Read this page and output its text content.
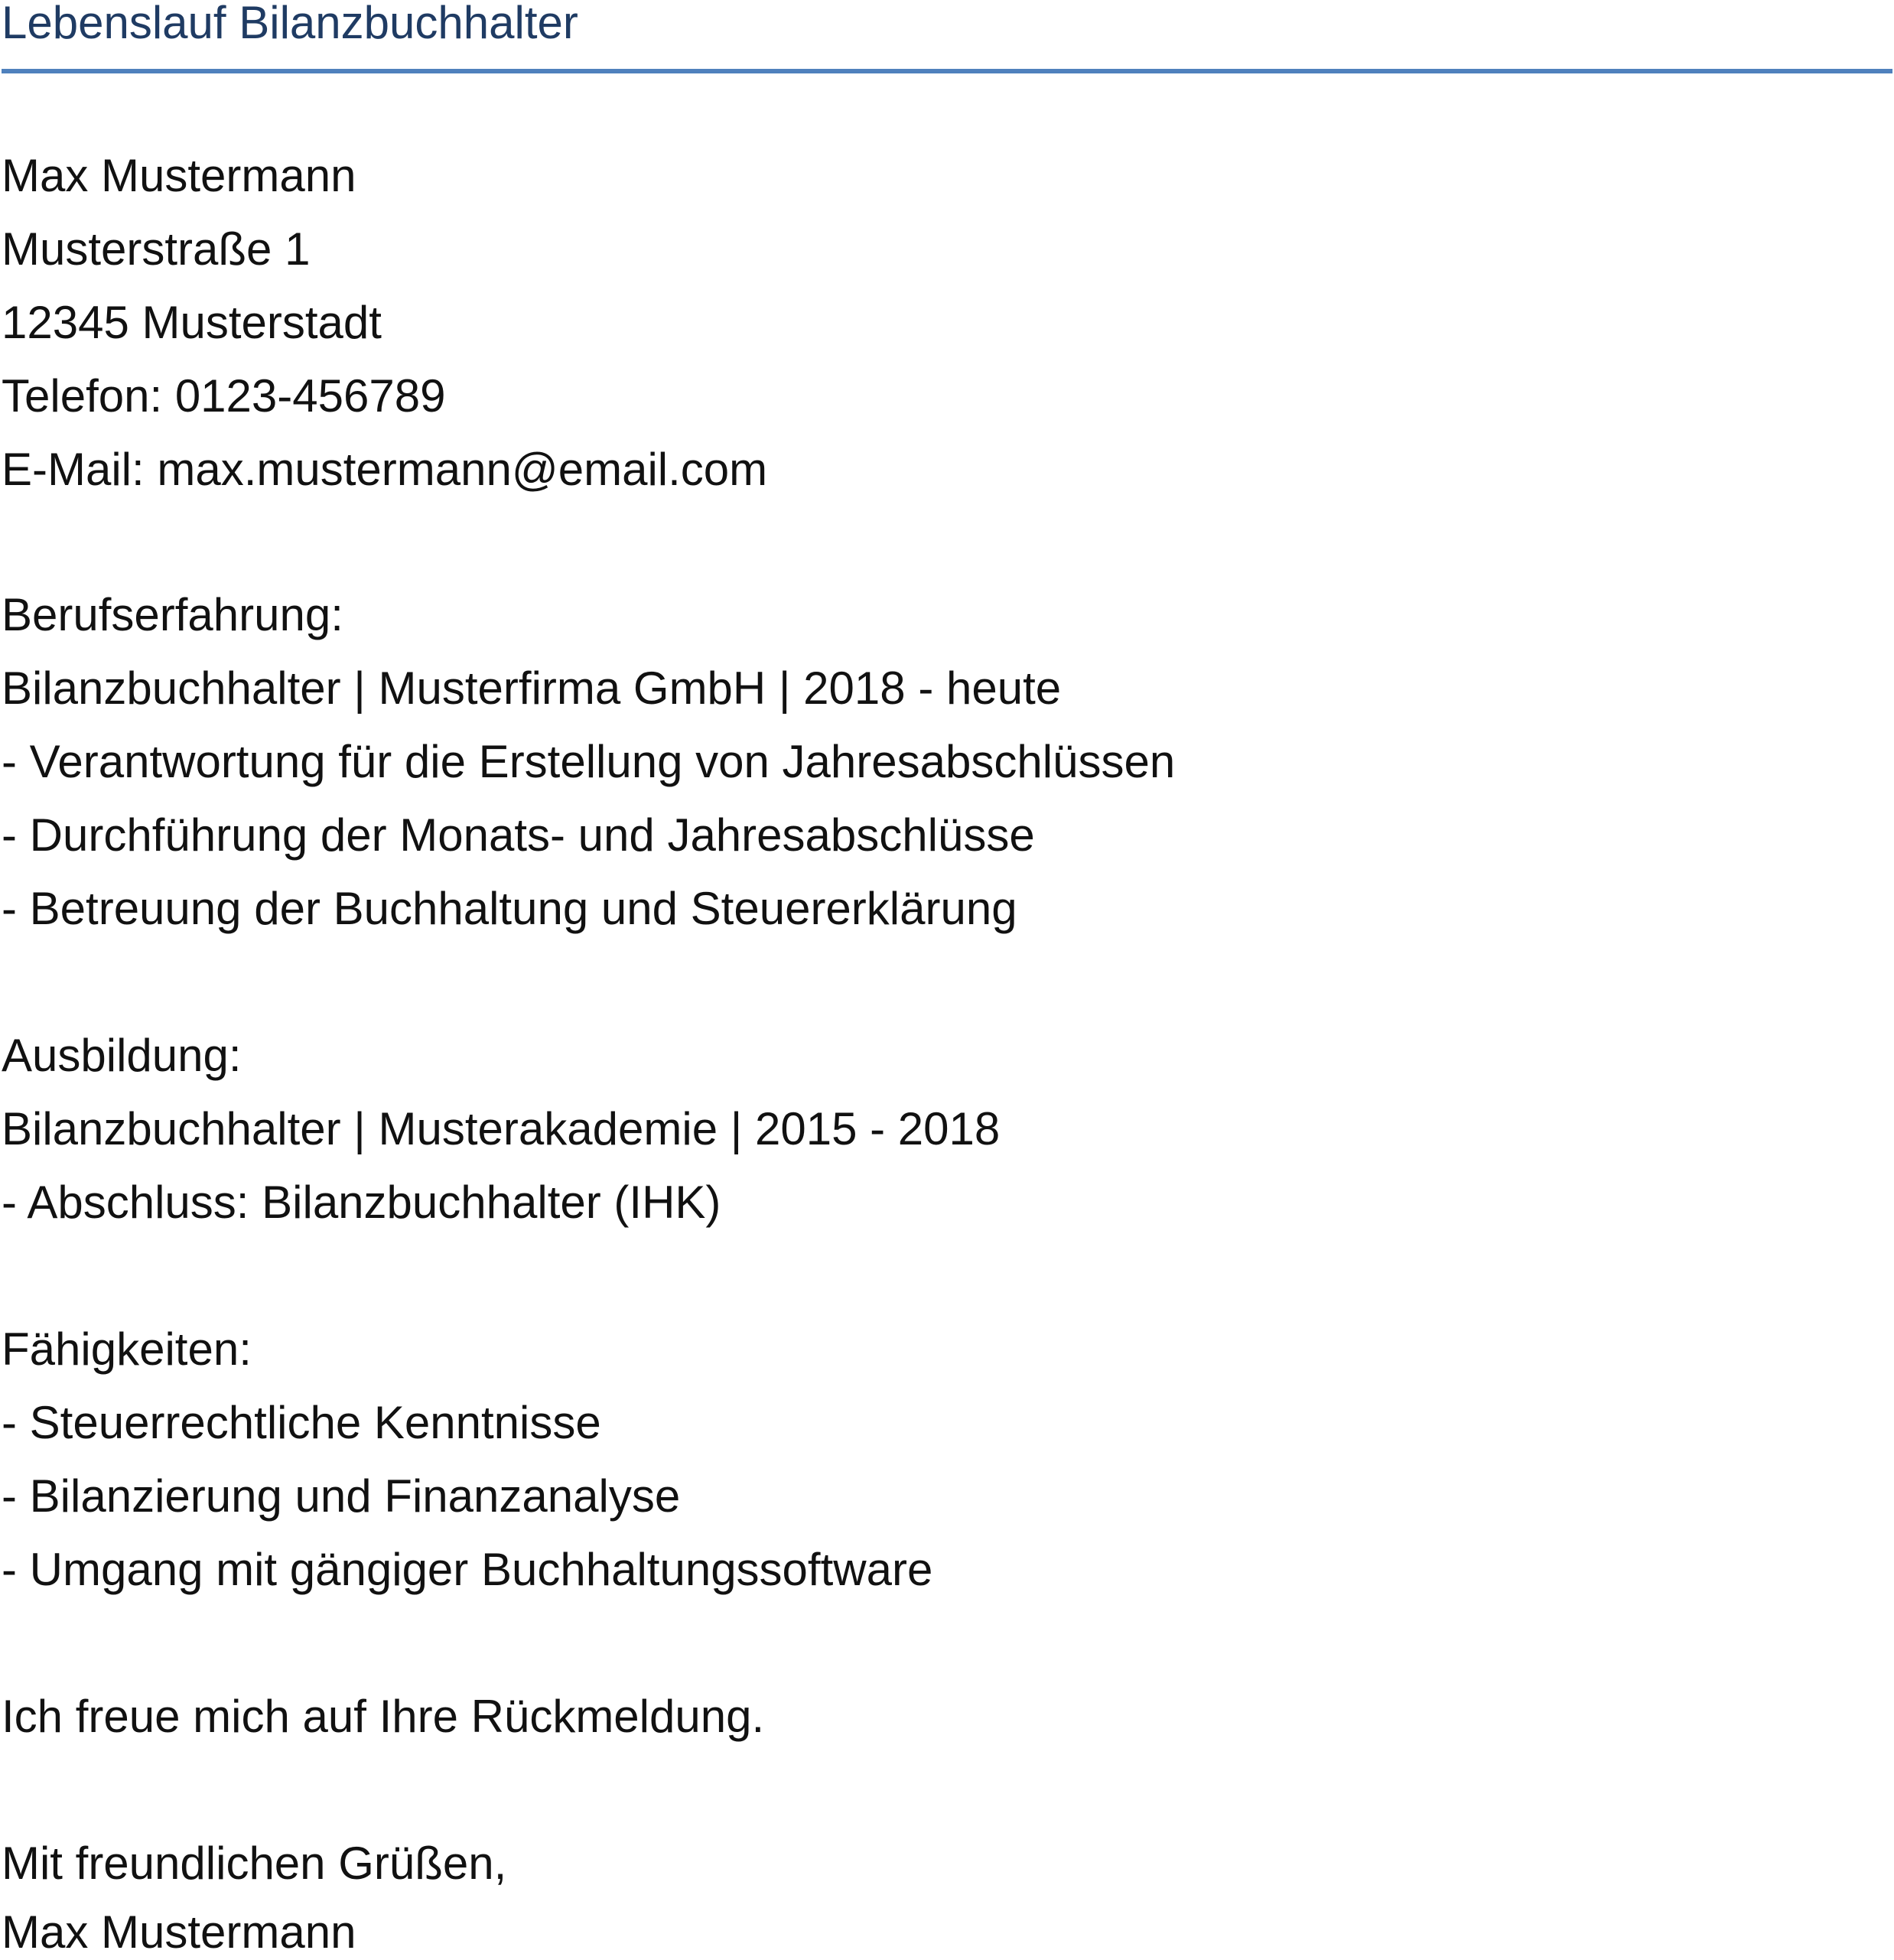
Lebenslauf Bilanzbuchhalter
Max Mustermann
Musterstraße 1
12345 Musterstadt
Telefon: 0123-456789
E-Mail: max.mustermann@email.com
Berufserfahrung:
Bilanzbuchhalter | Musterfirma GmbH | 2018 - heute
- Verantwortung für die Erstellung von Jahresabschlüssen
- Durchführung der Monats- und Jahresabschlüsse
- Betreuung der Buchhaltung und Steuererklärung
Ausbildung:
Bilanzbuchhalter | Musterakademie | 2015 - 2018
- Abschluss: Bilanzbuchhalter (IHK)
Fähigkeiten:
- Steuerrechtliche Kenntnisse
- Bilanzierung und Finanzanalyse
- Umgang mit gängiger Buchhaltungssoftware
Ich freue mich auf Ihre Rückmeldung.
Mit freundlichen Grüßen,
Max Mustermann
